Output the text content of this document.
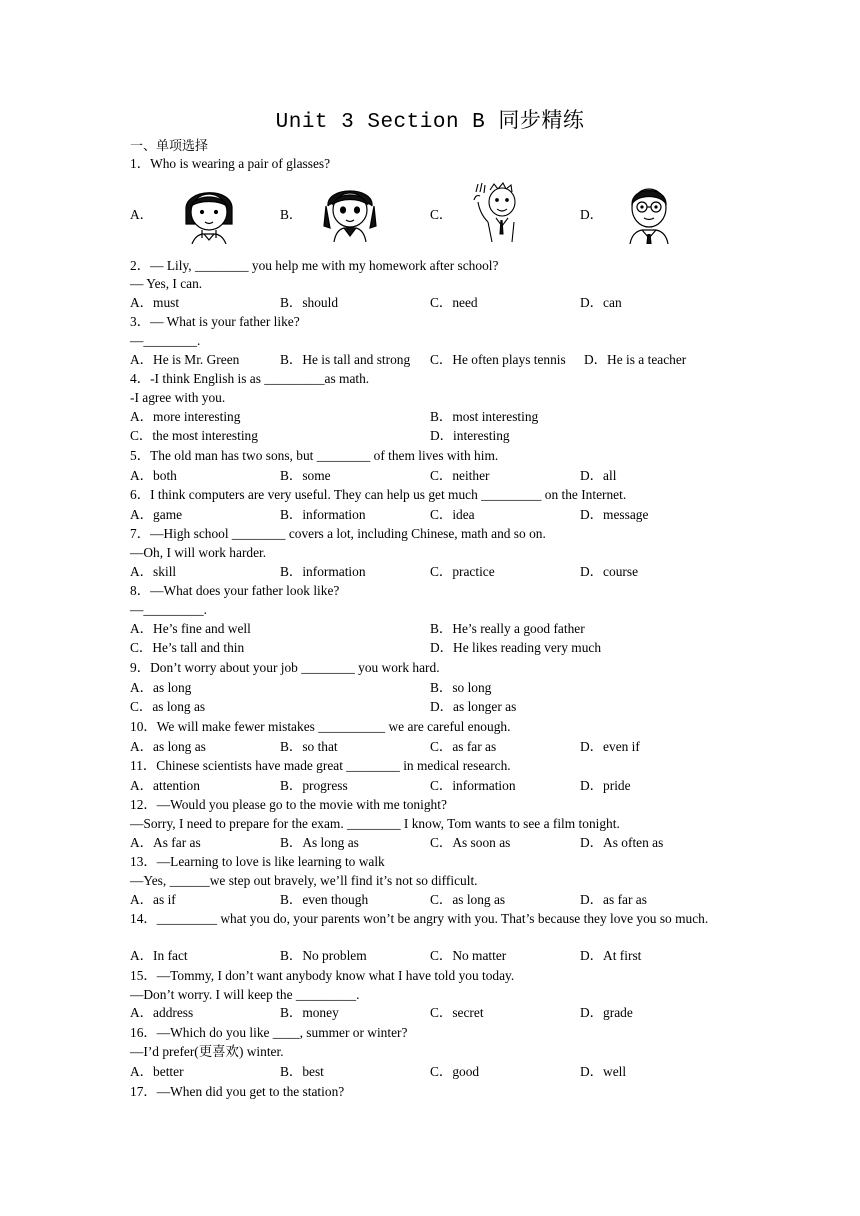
Unit 3 Section B 同步精练
一、单项选择
1．Who is wearing a pair of glasses?
A．	B．	C．	D．
2．— Lily, ________ you help me with my homework after school?
— Yes, I can.
A．must	B．should	C．need	D．can
3．— What is your father like?
—________.
A．He is Mr. Green	B．He is tall and strong C．He often plays tennis D．He is a teacher
4．-I think English is as _________as math.
-I agree with you.
A．more interesting	B．most interesting
C．the most interesting	D．interesting
5．The old man has two sons, but ________ of them lives with him.
A．both	B．some	C．neither	D．all
6．I think computers are very useful. They can help us get much _________ on the Internet.
A．game	B．information	C．idea	D．message
7．—High school ________ covers a lot, including Chinese, math and so on.
—Oh, I will work harder.
A．skill	B．information	C．practice	D．course
8．—What does your father look like?
—_________.
A．He’s fine and well	B．He’s really a good father
C．He’s tall and thin	D．He likes reading very much
9．Don’t worry about your job ________ you work hard.
A．as long	B．so long
C．as long as	D．as longer as
10．We will make fewer mistakes __________ we are careful enough.
A．as long as	B．so that	C．as far as	D．even if
11．Chinese scientists have made great ________ in medical research.
A．attention	B．progress	C．information	D．pride
12．—Would you please go to the movie with me tonight?
—Sorry, I need to prepare for the exam. ________ I know, Tom wants to see a film tonight.
A．As far as	B．As long as	C．As soon as	D．As often as
13．—Learning to love is like learning to walk
—Yes, ______we step out bravely, we’ll find it’s not so difficult.
A．as if	B．even though	C．as long as	D．as far as
14．_________ what you do, your parents won’t be angry with you. That’s because they love you so much.
A．In fact	B．No problem	C．No matter	D．At first
15．—Tommy, I don’t want anybody know what I have told you today.
—Don’t worry. I will keep the _________.
A．address	B．money	C．secret	D．grade
16．—Which do you like ____, summer or winter?
—I’d prefer(更喜欢) winter.
A．better	B．best	C．good	D．well
17．—When did you get to the station?
